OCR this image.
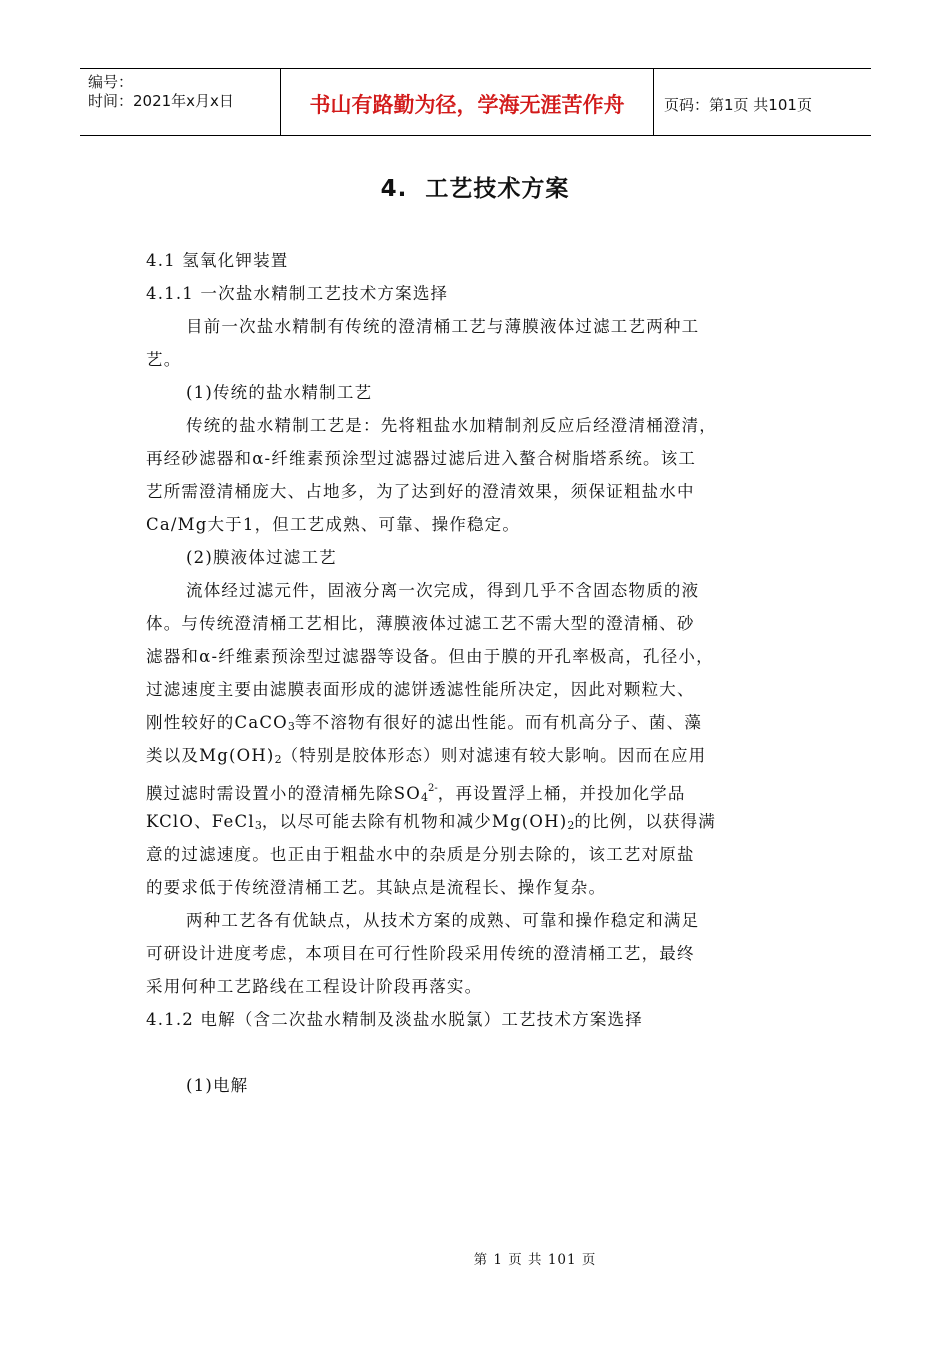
编号：
时间：2021年x月x日	书山有路勤为径，学海无涯苦作舟	页码：第1页 共101页
4. 工艺技术方案
4.1 氢氧化钾装置
4.1.1 一次盐水精制工艺技术方案选择
目前一次盐水精制有传统的澄清桶工艺与薄膜液体过滤工艺两种工
艺。
(1)传统的盐水精制工艺
传统的盐水精制工艺是：先将粗盐水加精制剂反应后经澄清桶澄清，
再经砂滤器和α-纤维素预涂型过滤器过滤后进入螯合树脂塔系统。该工
艺所需澄清桶庞大、占地多，为了达到好的澄清效果，须保证粗盐水中
Ca/Mg大于1，但工艺成熟、可靠、操作稳定。
(2)膜液体过滤工艺
流体经过滤元件，固液分离一次完成，得到几乎不含固态物质的液
体。与传统澄清桶工艺相比，薄膜液体过滤工艺不需大型的澄清桶、砂
滤器和α-纤维素预涂型过滤器等设备。但由于膜的开孔率极高，孔径小，
过滤速度主要由滤膜表面形成的滤饼透滤性能所决定，因此对颗粒大、
刚性较好的CaCO3等不溶物有很好的滤出性能。而有机高分子、菌、藻
类以及Mg(OH)2（特别是胶体形态）则对滤速有较大影响。因而在应用
膜过滤时需设置小的澄清桶先除$SO4^{2-}$，再设置浮上桶，并投加化学品
KClO、FeCl3，以尽可能去除有机物和减少Mg(OH)2的比例，以获得满
意的过滤速度。也正由于粗盐水中的杂质是分别去除的，该工艺对原盐
的要求低于传统澄清桶工艺。其缺点是流程长、操作复杂。
两种工艺各有优缺点，从技术方案的成熟、可靠和操作稳定和满足
可研设计进度考虑，本项目在可行性阶段采用传统的澄清桶工艺，最终
采用何种工艺路线在工程设计阶段再落实。
4.1.2 电解（含二次盐水精制及淡盐水脱氯）工艺技术方案选择
(1)电解
第 1 页 共 101 页
